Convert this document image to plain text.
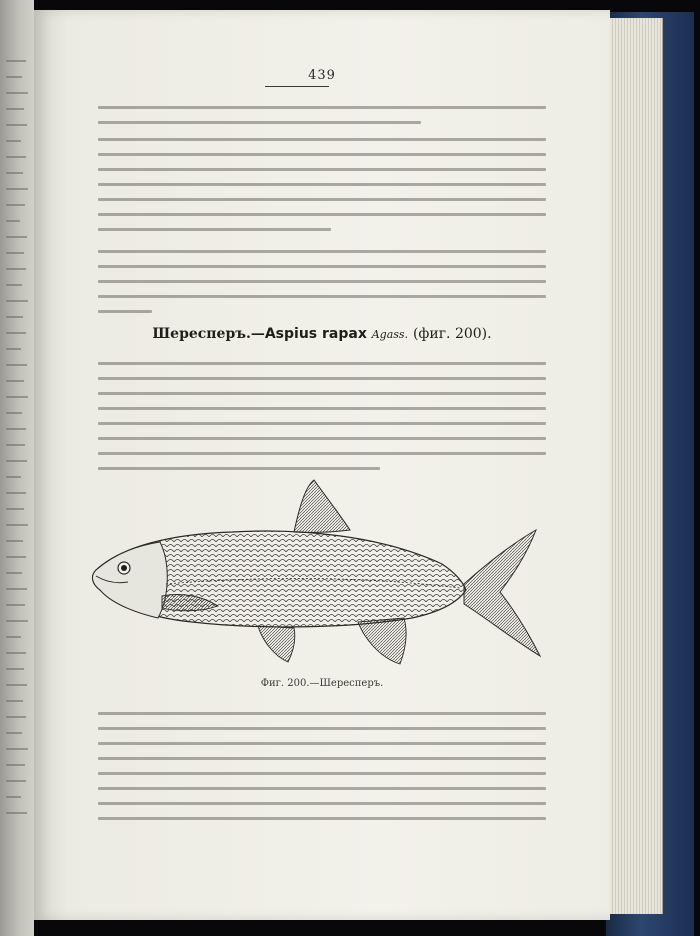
439
Шересперъ.—Aspius rapax Agass. (фиг. 200).
Фиг. 200.—Шересперъ.
